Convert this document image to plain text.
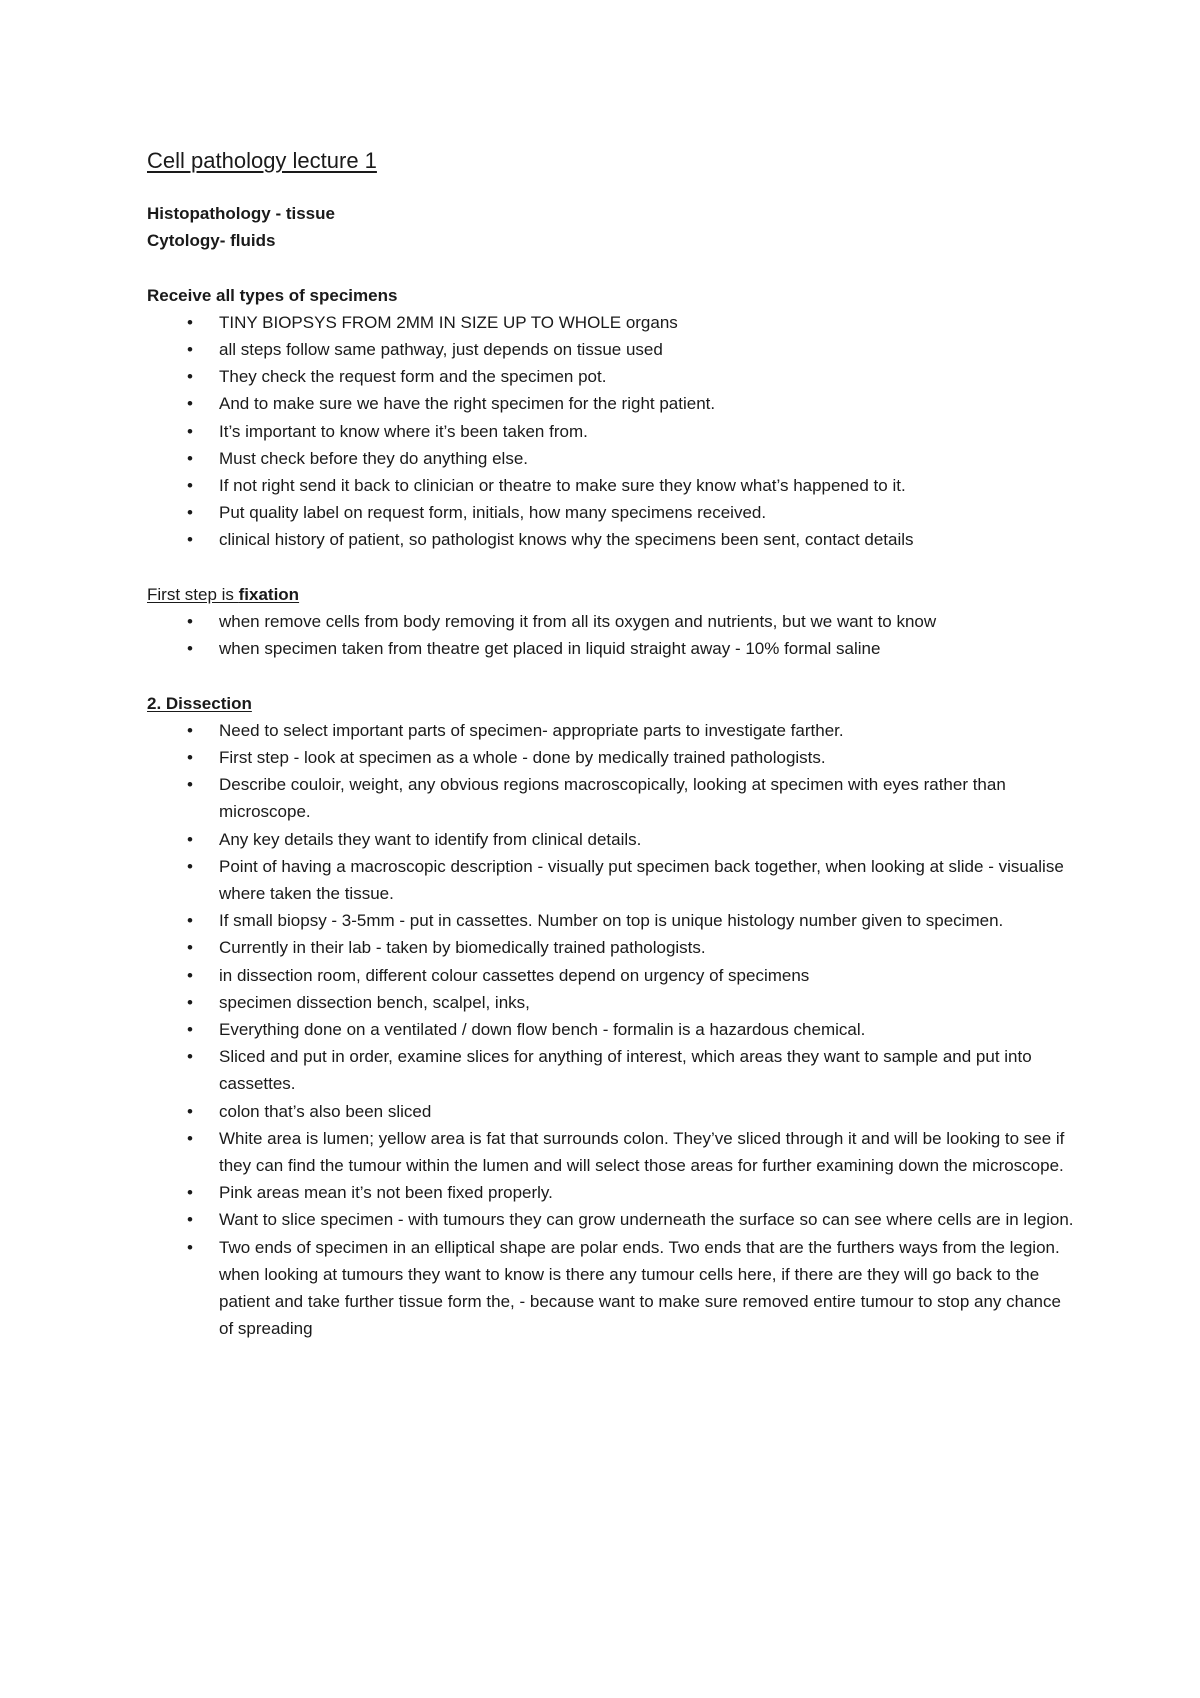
Cell pathology lecture 1

Histopathology - tissue

Cytology- fluids

Receive all types of specimens

• TINY BIOPSYS FROM 2MM IN SIZE UP TO WHOLE organs
• all steps follow same pathway, just depends on tissue used
• They check the request form and the specimen pot.
• And to make sure we have the right specimen for the right patient.
• It’s important to know where it’s been taken from.
• Must check before they do anything else.
• If not right send it back to clinician or theatre to make sure they know what’s happened to it.
• Put quality label on request form, initials, how many specimens received.
• clinical history of patient, so pathologist knows why the specimens been sent, contact details

First step is fixation

• when remove cells from body removing it from all its oxygen and nutrients, but we want to know
• when specimen taken from theatre get placed in liquid straight away - 10% formal saline

2. Dissection

• Need to select important parts of specimen- appropriate parts to investigate farther.
• First step - look at specimen as a whole - done by medically trained pathologists.
• Describe couloir, weight, any obvious regions macroscopically, looking at specimen with eyes rather than microscope.
• Any key details they want to identify from clinical details.
• Point of having a macroscopic description - visually put specimen back together, when looking at slide - visualise where taken the tissue.
• If small biopsy - 3-5mm - put in cassettes. Number on top is unique histology number given to specimen.
• Currently in their lab - taken by biomedically trained pathologists.
• in dissection room, different colour cassettes depend on urgency of specimens
• specimen dissection bench, scalpel, inks,
• Everything done on a ventilated / down flow bench - formalin is a hazardous chemical.
• Sliced and put in order, examine slices for anything of interest, which areas they want to sample and put into cassettes.
• colon that’s also been sliced
• White area is lumen; yellow area is fat that surrounds colon. They’ve sliced through it and will be looking to see if they can find the tumour within the lumen and will select those areas for further examining down the microscope.
• Pink areas mean it’s not been fixed properly.
• Want to slice specimen - with tumours they can grow underneath the surface so can see where cells are in legion.
• Two ends of specimen in an elliptical shape are polar ends. Two ends that are the furthers ways from the legion. when looking at tumours they want to know is there any tumour cells here, if there are they will go back to the patient and take further tissue form the, - because want to make sure removed entire tumour to stop any chance of spreading
